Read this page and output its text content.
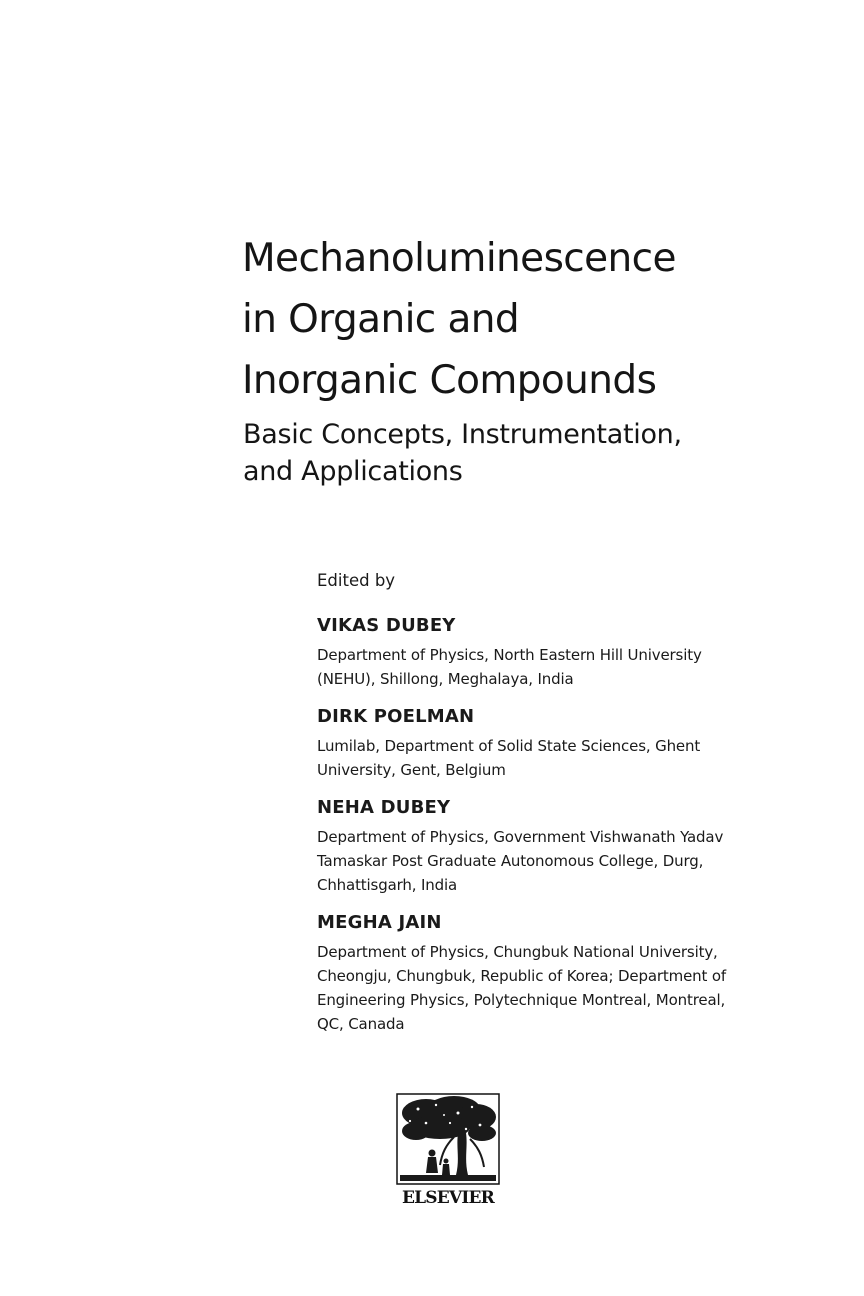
Mechanoluminescence
in Organic and
Inorganic Compounds
Basic Concepts, Instrumentation,
and Applications
Edited by
VIKAS DUBEY
Department of Physics, North Eastern Hill University
(NEHU), Shillong, Meghalaya, India
DIRK POELMAN
Lumilab, Department of Solid State Sciences, Ghent
University, Gent, Belgium
NEHA DUBEY
Department of Physics, Government Vishwanath Yadav
Tamaskar Post Graduate Autonomous College, Durg,
Chhattisgarh, India
MEGHA JAIN
Department of Physics, Chungbuk National University,
Cheongju, Chungbuk, Republic of Korea; Department of
Engineering Physics, Polytechnique Montreal, Montreal,
QC, Canada
ELSEVIER
